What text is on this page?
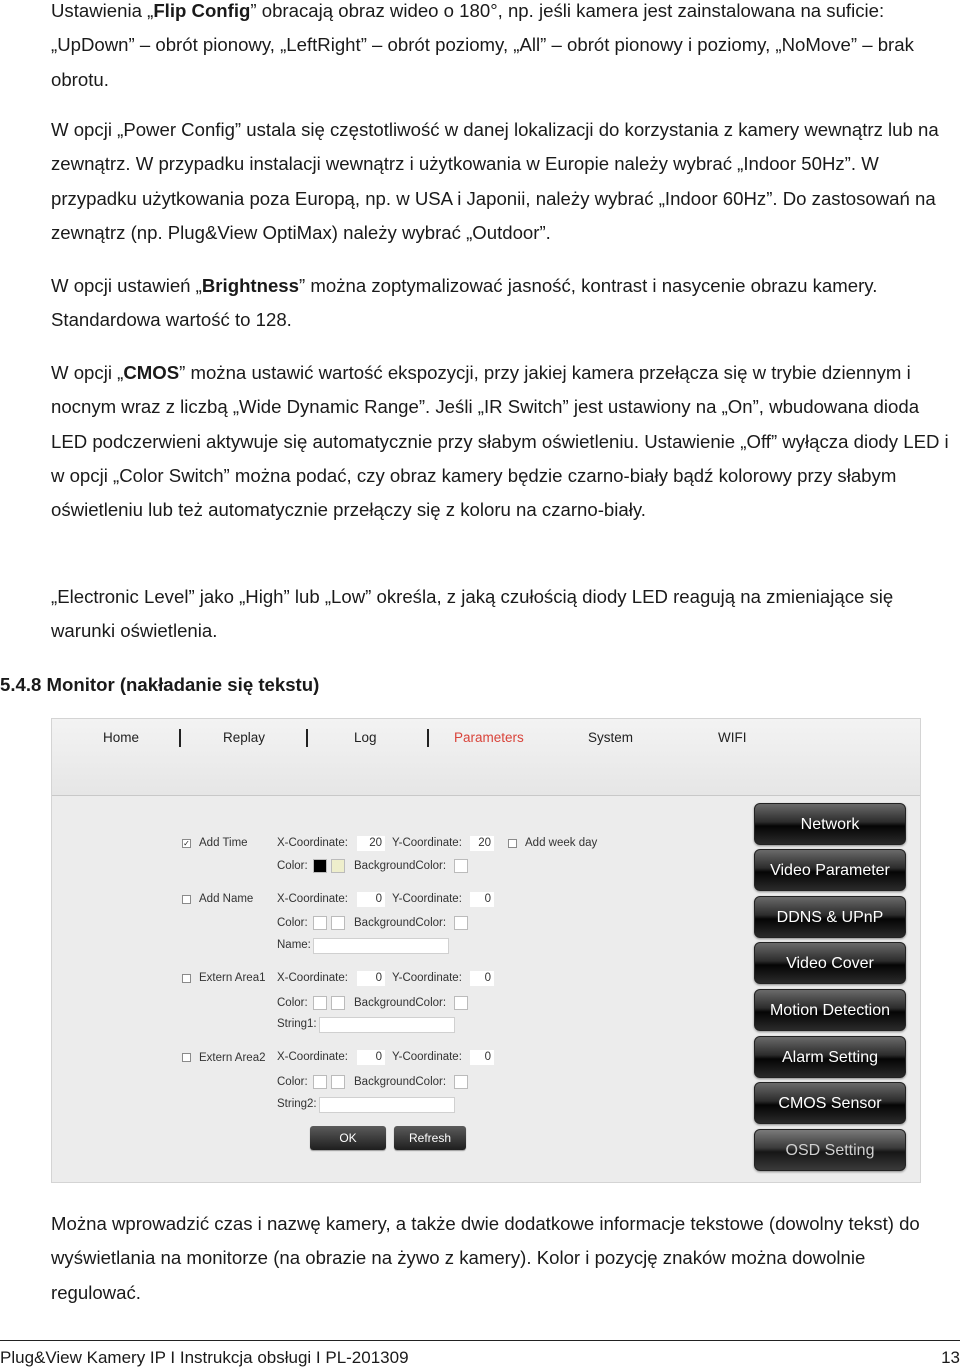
Ustawienia „Flip Config” obracają obraz wideo o 180°, np. jeśli kamera jest zainstalowana na suficie: „UpDown” – obrót pionowy, „LeftRight” – obrót poziomy, „All” – obrót pionowy i poziomy, „NoMove” – brak obrotu.

W opcji „Power Config” ustala się częstotliwość w danej lokalizacji do korzystania z kamery wewnątrz lub na zewnątrz. W przypadku instalacji wewnątrz i użytkowania w Europie należy wybrać „Indoor 50Hz”. W przypadku użytkowania poza Europą, np. w USA i Japonii, należy wybrać „Indoor 60Hz”. Do zastosowań na zewnątrz (np. Plug&View OptiMax) należy wybrać „Outdoor”.

W opcji ustawień „Brightness” można zoptymalizować jasność, kontrast i nasycenie obrazu kamery. Standardowa wartość to 128.

W opcji „CMOS” można ustawić wartość ekspozycji, przy jakiej kamera przełącza się w trybie dziennym i nocnym wraz z liczbą „Wide Dynamic Range”. Jeśli „IR Switch” jest ustawiony na „On”, wbudowana dioda LED podczerwieni aktywuje się automatycznie przy słabym oświetleniu. Ustawienie „Off” wyłącza diody LED i w opcji „Color Switch” można podać, czy obraz kamery będzie czarno-biały bądź kolorowy przy słabym oświetleniu lub też automatycznie przełączy się z koloru na czarno-biały.

„Electronic Level” jako „High” lub „Low” określa, z jaką czułością diody LED reagują na zmieniające się warunki oświetlenia.

5.4.8 Monitor (nakładanie się tekstu)
Home	Replay	Log	Parameters	System	WIFI
✓ Add Time	X-Coordinate:	20 Y-Coordinate:	20	Add week day
Color:	BackgroundColor:
Add Name X-Coordinate:	0 Y-Coordinate:	0
Color:	BackgroundColor:
Name:
Extern Area1 X-Coordinate:	0 Y-Coordinate:	0
Color:	BackgroundColor:
String1:
Extern Area2 X-Coordinate:	0 Y-Coordinate:	0
Color:	BackgroundColor:
String2:
OK	Refresh
Network
Video Parameter
DDNS & UPnP
Video Cover
Motion Detection
Alarm Setting
CMOS Sensor
OSD Setting

Można wprowadzić czas i nazwę kamery, a także dwie dodatkowe informacje tekstowe (dowolny tekst) do wyświetlania na monitorze (na obrazie na żywo z kamery). Kolor i pozycję znaków można dowolnie regulować.

Plug&View Kamery IP I Instrukcja obsługi I PL-201309	13
